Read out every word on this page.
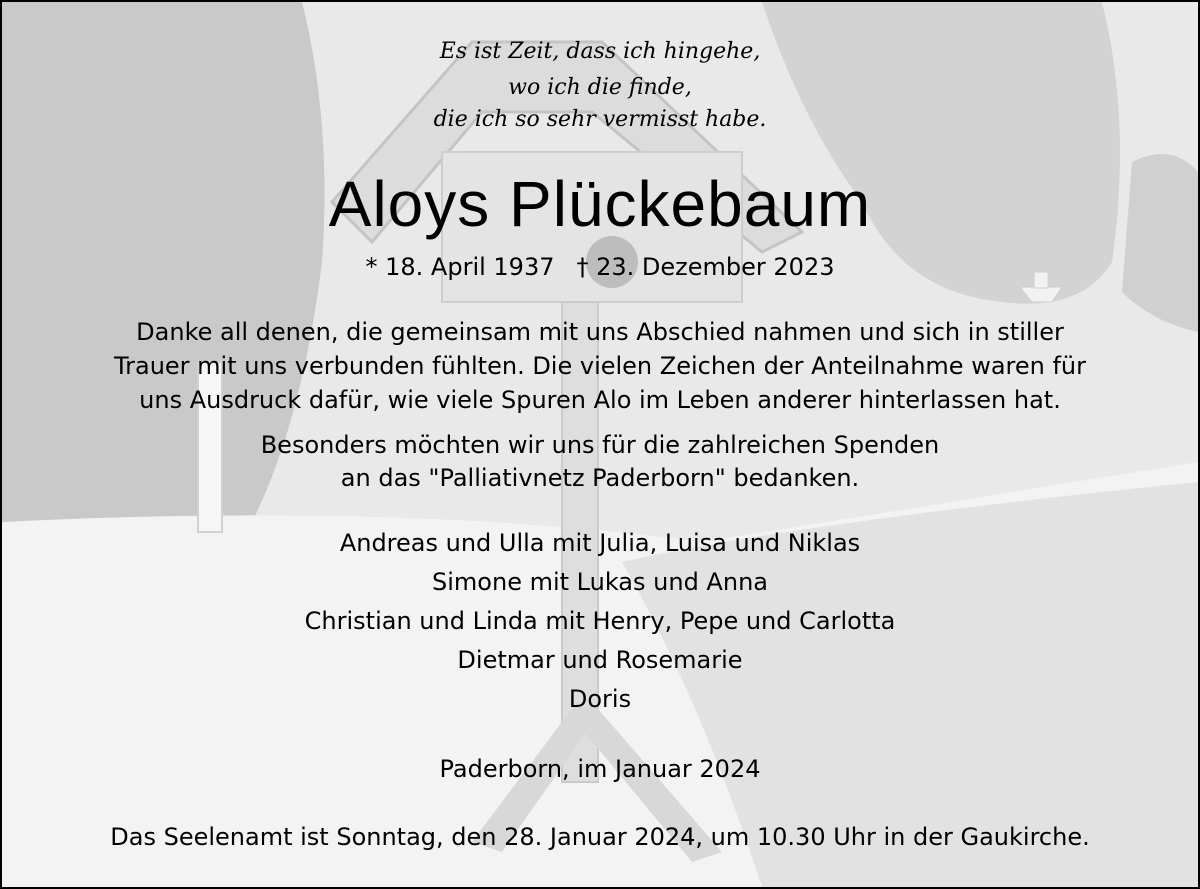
Es ist Zeit, dass ich hingehe,
wo ich die finde,
die ich so sehr vermisst habe.
Aloys Plückebaum
* 18. April 1937 † 23. Dezember 2023
Danke all denen, die gemeinsam mit uns Abschied nahmen und sich in stiller
Trauer mit uns verbunden fühlten. Die vielen Zeichen der Anteilnahme waren für
uns Ausdruck dafür, wie viele Spuren Alo im Leben anderer hinterlassen hat.
Besonders möchten wir uns für die zahlreichen Spenden
an das "Palliativnetz Paderborn" bedanken.
Andreas und Ulla mit Julia, Luisa und Niklas
Simone mit Lukas und Anna
Christian und Linda mit Henry, Pepe und Carlotta
Dietmar und Rosemarie
Doris
Paderborn, im Januar 2024
Das Seelenamt ist Sonntag, den 28. Januar 2024, um 10.30 Uhr in der Gaukirche.
